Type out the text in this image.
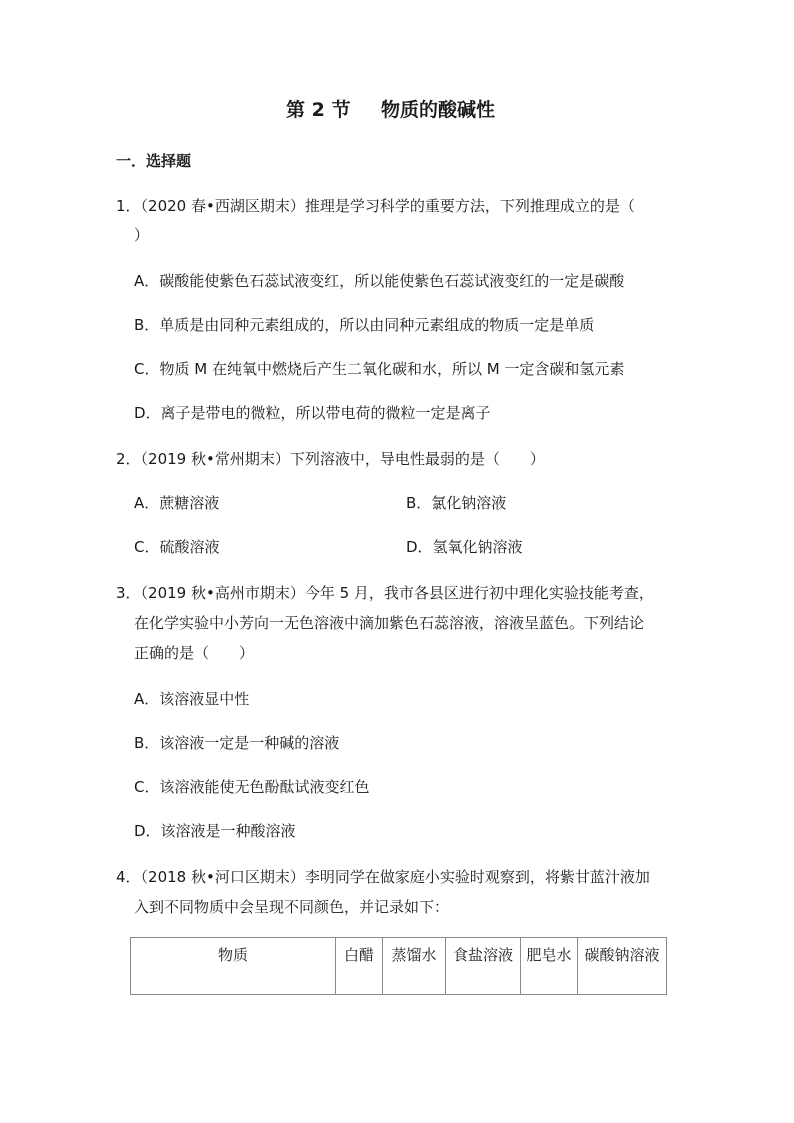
第 2 节 物质的酸碱性
一．选择题
1．（2020 春•西湖区期末）推理是学习科学的重要方法，下列推理成立的是（
）
A．碳酸能使紫色石蕊试液变红，所以能使紫色石蕊试液变红的一定是碳酸
B．单质是由同种元素组成的，所以由同种元素组成的物质一定是单质
C．物质 M 在纯氧中燃烧后产生二氧化碳和水，所以 M 一定含碳和氢元素
D．离子是带电的微粒，所以带电荷的微粒一定是离子
2．（2019 秋•常州期末）下列溶液中，导电性最弱的是（　　）
A．蔗糖溶液	B．氯化钠溶液
C．硫酸溶液	D．氢氧化钠溶液
3．（2019 秋•高州市期末）今年 5 月，我市各县区进行初中理化实验技能考查，
在化学实验中小芳向一无色溶液中滴加紫色石蕊溶液，溶液呈蓝色。下列结论
正确的是（　　）
A．该溶液显中性
B．该溶液一定是一种碱的溶液
C．该溶液能使无色酚酞试液变红色
D．该溶液是一种酸溶液
4．（2018 秋•河口区期末）李明同学在做家庭小实验时观察到，将紫甘蓝汁液加
入到不同物质中会呈现不同颜色，并记录如下：
物质	白醋	蒸馏水	食盐溶液	肥皂水	碳酸钠溶液
